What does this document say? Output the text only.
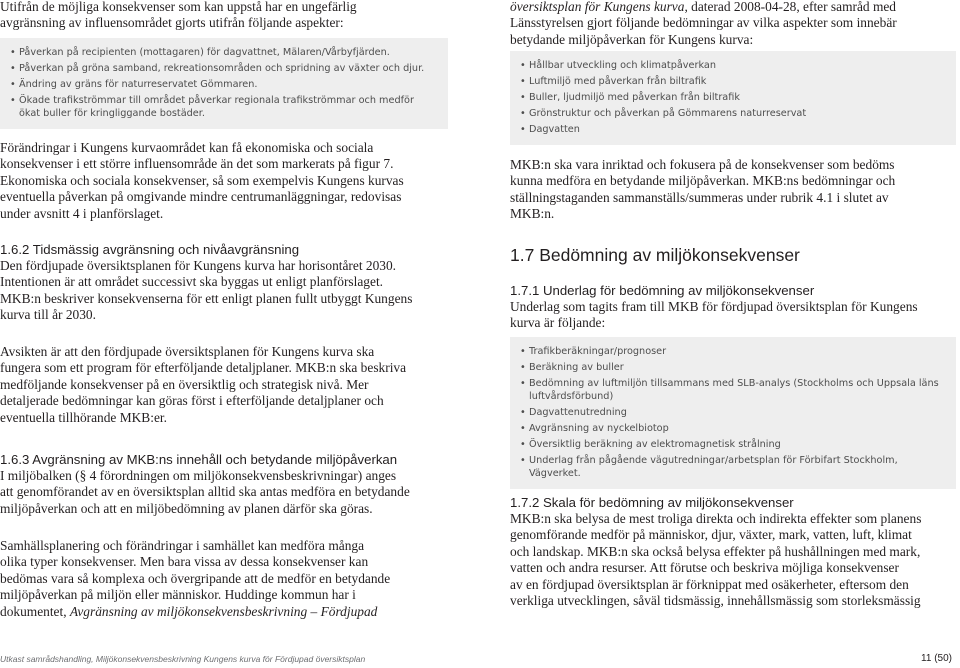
Utifrån de möjliga konsekvenser som kan uppstå har en ungefärlig

avgränsning av influensområdet gjorts utifrån följande aspekter:

• Påverkan på recipienten (mottagaren) för dagvattnet, Mälaren/Vårbyfjärden.
• Påverkan på gröna samband, rekreationsområden och spridning av växter och djur.
• Ändring av gräns för naturreservatet Gömmaren.
• Ökade trafikströmmar till området påverkar regionala trafikströmmar och medför ökat buller för kringliggande bostäder.

Förändringar i Kungens kurvaområdet kan få ekonomiska och sociala

konsekvenser i ett större influensområde än det som markerats på figur 7.

Ekonomiska och sociala konsekvenser, så som exempelvis Kungens kurvas

eventuella påverkan på omgivande mindre centrumanläggningar, redovisas

under avsnitt 4 i planförslaget.

1.6.2 Tidsmässig avgränsning och nivåavgränsning

Den fördjupade översiktsplanen för Kungens kurva har horisontåret 2030.

Intentionen är att området successivt ska byggas ut enligt planförslaget.

MKB:n beskriver konsekvenserna för ett enligt planen fullt utbyggt Kungens

kurva till år 2030.

Avsikten är att den fördjupade översiktsplanen för Kungens kurva ska

fungera som ett program för efterföljande detaljplaner. MKB:n ska beskriva

medföljande konsekvenser på en översiktlig och strategisk nivå. Mer

detaljerade bedömningar kan göras först i efterföljande detaljplaner och

eventuella tillhörande MKB:er.

1.6.3 Avgränsning av MKB:ns innehåll och betydande miljöpåverkan

I miljöbalken (§ 4 förordningen om miljökonsekvensbeskrivningar) anges

att genomförandet av en översiktsplan alltid ska antas medföra en betydande

miljöpåverkan och att en miljöbedömning av planen därför ska göras.

Samhällsplanering och förändringar i samhället kan medföra många

olika typer konsekvenser. Men bara vissa av dessa konsekvenser kan

bedömas vara så komplexa och övergripande att de medför en betydande

miljöpåverkan på miljön eller människor. Huddinge kommun har i

dokumentet, Avgränsning av miljökonsekvensbeskrivning – Fördjupad

översiktsplan för Kungens kurva, daterad 2008-04-28, efter samråd med

Länsstyrelsen gjort följande bedömningar av vilka aspekter som innebär

betydande miljöpåverkan för Kungens kurva:

• Hållbar utveckling och klimatpåverkan
• Luftmiljö med påverkan från biltrafik
• Buller, ljudmiljö med påverkan från biltrafik
• Grönstruktur och påverkan på Gömmarens naturreservat
• Dagvatten

MKB:n ska vara inriktad och fokusera på de konsekvenser som bedöms

kunna medföra en betydande miljöpåverkan. MKB:ns bedömningar och

ställningstaganden sammanställs/summeras under rubrik 4.1 i slutet av

MKB:n.

1.7 Bedömning av miljökonsekvenser
1.7.1 Underlag för bedömning av miljökonsekvenser

Underlag som tagits fram till MKB för fördjupad översiktsplan för Kungens

kurva är följande:

• Trafikberäkningar/prognoser
• Beräkning av buller
• Bedömning av luftmiljön tillsammans med SLB-analys (Stockholms och Uppsala läns luftvårdsförbund)
• Dagvattenutredning
• Avgränsning av nyckelbiotop
• Översiktlig beräkning av elektromagnetisk strålning
• Underlag från pågående vägutredningar/arbetsplan för Förbifart Stockholm, Vägverket.
1.7.2 Skala för bedömning av miljökonsekvenser

MKB:n ska belysa de mest troliga direkta och indirekta effekter som planens

genomförande medför på människor, djur, växter, mark, vatten, luft, klimat

och landskap. MKB:n ska också belysa effekter på hushållningen med mark,

vatten och andra resurser. Att förutse och beskriva möjliga konsekvenser

av en fördjupad översiktsplan är förknippat med osäkerheter, eftersom den

verkliga utvecklingen, såväl tidsmässig, innehållsmässig som storleksmässig

Utkast samrådshandling, Miljökonsekvensbeskrivning Kungens kurva för Fördjupad översiktsplan	11 (50)
